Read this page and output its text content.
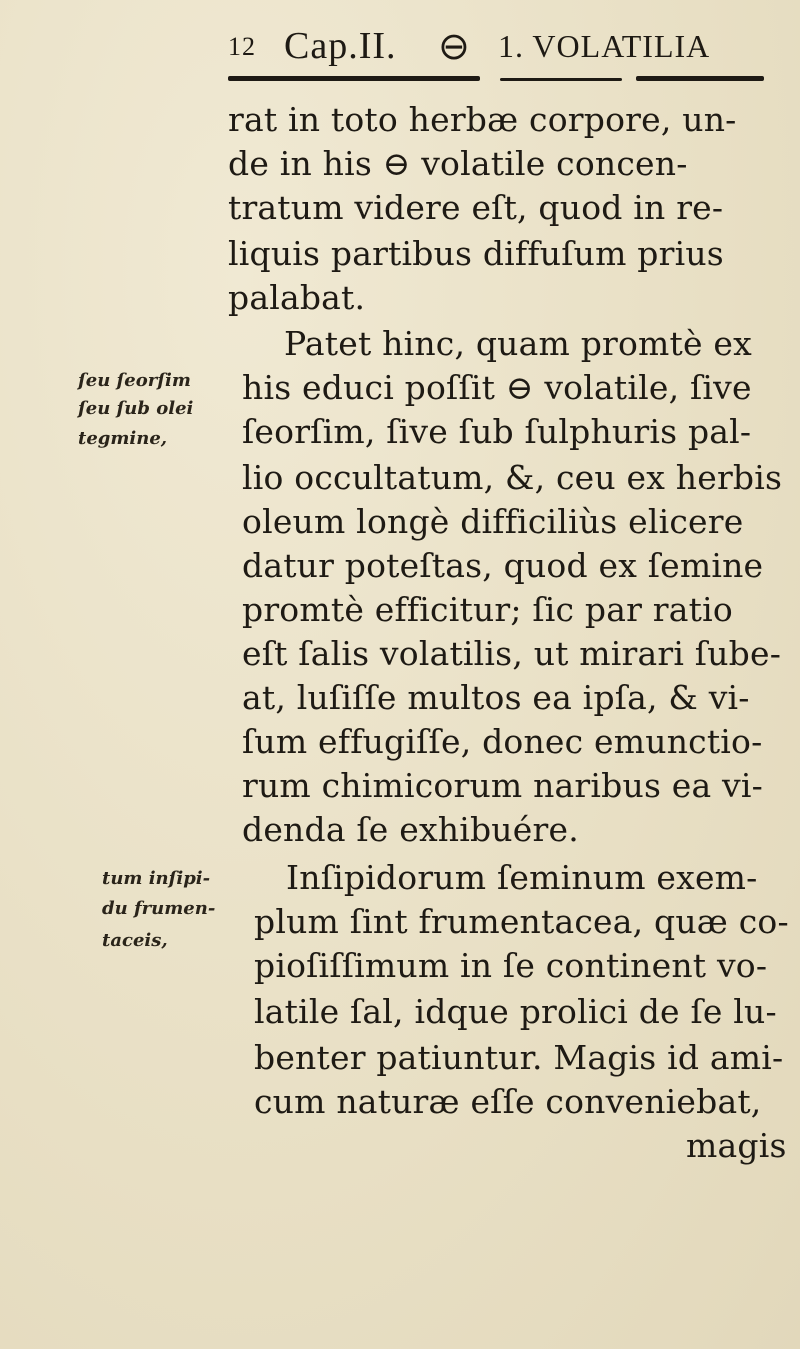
12 Cap.II. ⊖ 1. VOLATILIA
rat in toto herbæ corpore, un-
de in his ⊖ volatile concen-
tratum videre eſt, quod in re-
liquis partibus diffuſum prius
palabat.
Patet hinc, quam promtè ex
his educi poſſit ⊖ volatile, ſive
ſeorſim, ſive ſub ſulphuris pal-
lio occultatum, &, ceu ex herbis
oleum longè difficiliùs elicere
datur poteſtas, quod ex ſemine
promtè efficitur; ſic par ratio
eſt ſalis volatilis, ut mirari ſube-
at, luſiſſe multos ea ipſa, & vi-
ſum effugiſſe, donec emunctio-
rum chimicorum naribus ea vi-
denda ſe exhibuére.
Inſipidorum ſeminum exem-
plum ſint frumentacea, quæ co-
pioſiſſimum in ſe continent vo-
latile ſal, idque prolici de ſe lu-
benter patiuntur. Magis id ami-
cum naturæ eſſe conveniebat,
magis
ſeu ſeorſim
ſeu ſub olei
tegmine,
tum inſipi-
du frumen-
taceis,
